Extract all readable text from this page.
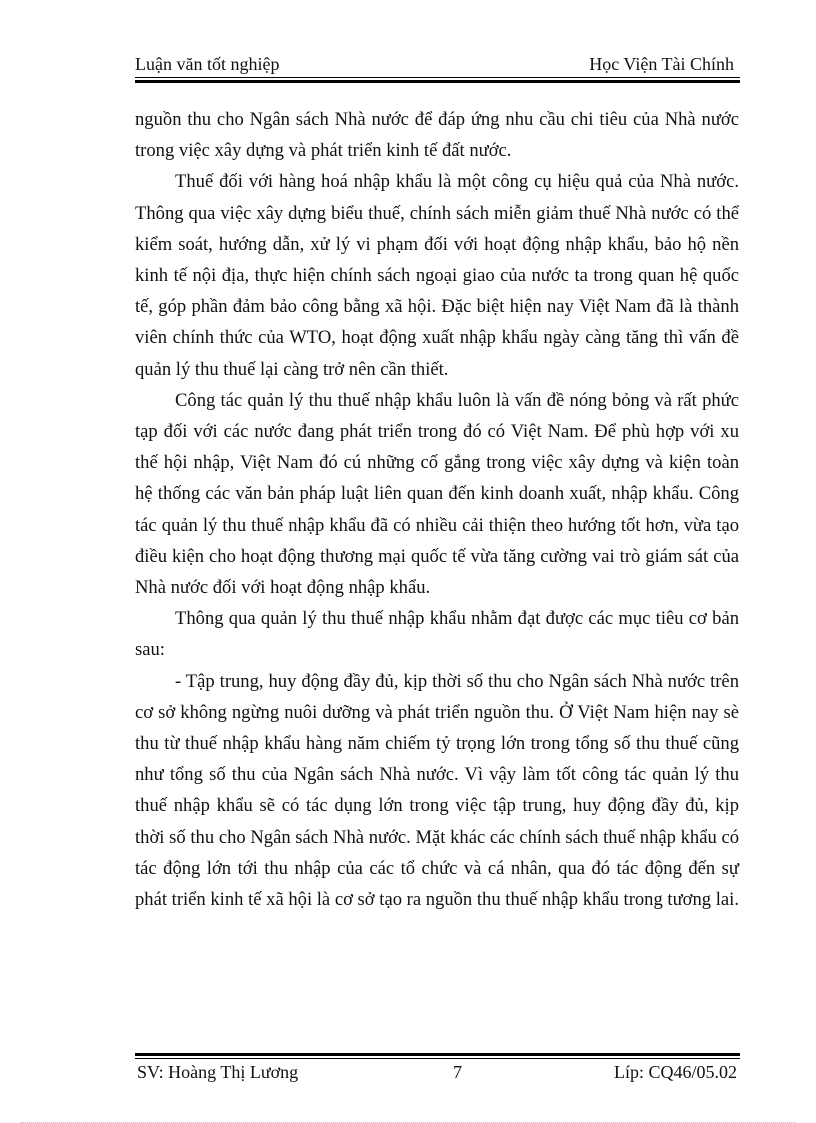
Luận văn tốt nghiệp	Học Viện Tài Chính

nguồn thu cho Ngân sách Nhà nước để đáp ứng nhu cầu chi tiêu của Nhà nước trong việc xây dựng và phát triển kinh tế đất nước.

Thuế đối với hàng hoá nhập khẩu là một công cụ hiệu quả của Nhà nước. Thông qua việc xây dựng biểu thuế, chính sách miễn giảm thuế Nhà nước có thể kiểm soát, hướng dẫn, xử lý vi phạm đối với hoạt động nhập khẩu, bảo hộ nền kinh tế nội địa, thực hiện chính sách ngoại giao của nước ta trong quan hệ quốc tế, góp phần đảm bảo công bằng xã hội. Đặc biệt hiện nay Việt Nam đã là thành viên chính thức của WTO, hoạt động xuất nhập khẩu ngày càng tăng thì vấn đề quản lý thu thuế lại càng trở nên cần thiết.

Công tác quản lý thu thuế nhập khẩu luôn là vấn đề nóng bỏng và rất phức tạp đối với các nước đang phát triển trong đó có Việt Nam. Để phù hợp với xu thế hội nhập, Việt Nam đó cú những cố gắng trong việc xây dựng và kiện toàn hệ thống các văn bản pháp luật liên quan đến kinh doanh xuất, nhập khẩu. Công tác quản lý thu thuế nhập khẩu đã có nhiều cải thiện theo hướng tốt hơn, vừa tạo điều kiện cho hoạt động thương mại quốc tế vừa tăng cường vai trò giám sát của Nhà nước đối với hoạt động nhập khẩu.

Thông qua quản lý thu thuế nhập khẩu nhằm đạt được các mục tiêu cơ bản sau:

- Tập trung, huy động đầy đủ, kịp thời số thu cho Ngân sách Nhà nước trên cơ sở không ngừng nuôi dưỡng và phát triển nguồn thu. Ở Việt Nam hiện nay sè thu từ thuế nhập khẩu hàng năm chiếm tỷ trọng lớn trong tổng số thu thuế cũng như tổng số thu của Ngân sách Nhà nước. Vì vậy làm tốt công tác quản lý thu thuế nhập khẩu sẽ có tác dụng lớn trong việc tập trung, huy động đầy đủ, kịp thời số thu cho Ngân sách Nhà nước. Mặt khác các chính sách thuế nhập khẩu có tác động lớn tới thu nhập của các tổ chức và cá nhân, qua đó tác động đến sự phát triển kinh tế xã hội là cơ sở tạo ra nguồn thu thuế nhập khẩu trong tương lai.

SV: Hoàng Thị Lương	7	Líp: CQ46/05.02
